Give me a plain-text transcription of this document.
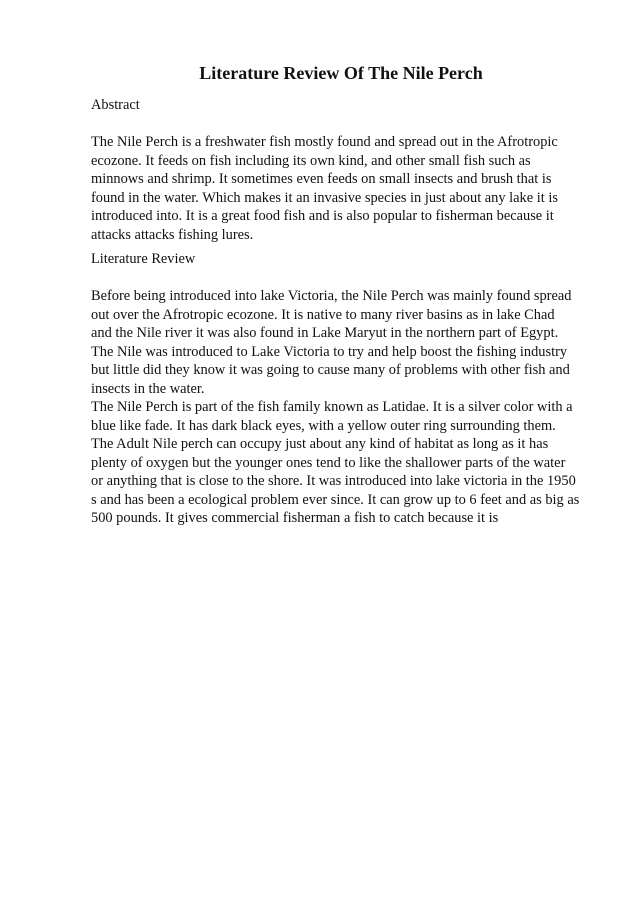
Literature Review Of The Nile Perch

Abstract

The Nile Perch is a freshwater fish mostly found and spread out in the Afrotropic
ecozone. It feeds on fish including its own kind, and other small fish such as
minnows and shrimp. It sometimes even feeds on small insects and brush that is
found in the water. Which makes it an invasive species in just about any lake it is
introduced into. It is a great food fish and is also popular to fisherman because it
attacks attacks fishing lures.

Literature Review

Before being introduced into lake Victoria, the Nile Perch was mainly found spread
out over the Afrotropic ecozone. It is native to many river basins as in lake Chad
and the Nile river it was also found in Lake Maryut in the northern part of Egypt.
The Nile was introduced to Lake Victoria to try and help boost the fishing industry
but little did they know it was going to cause many of problems with other fish and
insects in the water.
The Nile Perch is part of the fish family known as Latidae. It is a silver color with a
blue like fade. It has dark black eyes, with a yellow outer ring surrounding them.
The Adult Nile perch can occupy just about any kind of habitat as long as it has
plenty of oxygen but the younger ones tend to like the shallower parts of the water
or anything that is close to the shore. It was introduced into lake victoria in the 1950
s and has been a ecological problem ever since. It can grow up to 6 feet and as big as
500 pounds. It gives commercial fisherman a fish to catch because it is
